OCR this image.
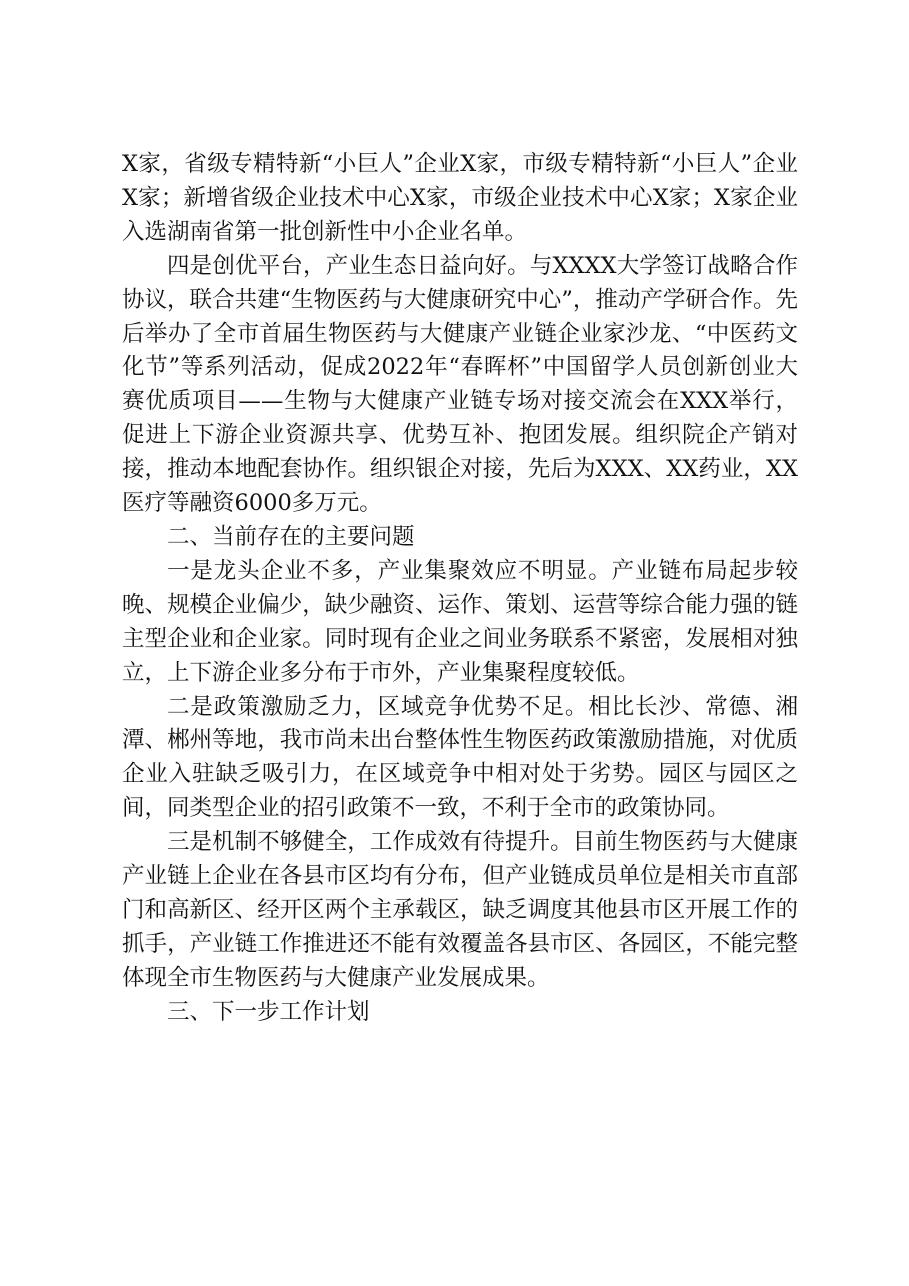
X家，省级专精特新“小巨人”企业X家，市级专精特新“小巨人”企业X家；新增省级企业技术中心X家，市级企业技术中心X家；X家企业入选湖南省第一批创新性中小企业名单。

四是创优平台，产业生态日益向好。与XXXX大学签订战略合作协议，联合共建“生物医药与大健康研究中心”，推动产学研合作。先后举办了全市首届生物医药与大健康产业链企业家沙龙、“中医药文化节”等系列活动，促成2022年“春晖杯”中国留学人员创新创业大赛优质项目——生物与大健康产业链专场对接交流会在XXX举行，促进上下游企业资源共享、优势互补、抱团发展。组织院企产销对接，推动本地配套协作。组织银企对接，先后为XXX、XX药业，XX医疗等融资6000多万元。

二、当前存在的主要问题

一是龙头企业不多，产业集聚效应不明显。产业链布局起步较晚、规模企业偏少，缺少融资、运作、策划、运营等综合能力强的链主型企业和企业家。同时现有企业之间业务联系不紧密，发展相对独立，上下游企业多分布于市外，产业集聚程度较低。

二是政策激励乏力，区域竞争优势不足。相比长沙、常德、湘潭、郴州等地，我市尚未出台整体性生物医药政策激励措施，对优质企业入驻缺乏吸引力，在区域竞争中相对处于劣势。园区与园区之间，同类型企业的招引政策不一致，不利于全市的政策协同。

三是机制不够健全，工作成效有待提升。目前生物医药与大健康产业链上企业在各县市区均有分布，但产业链成员单位是相关市直部门和高新区、经开区两个主承载区，缺乏调度其他县市区开展工作的抓手，产业链工作推进还不能有效覆盖各县市区、各园区，不能完整体现全市生物医药与大健康产业发展成果。

三、下一步工作计划
